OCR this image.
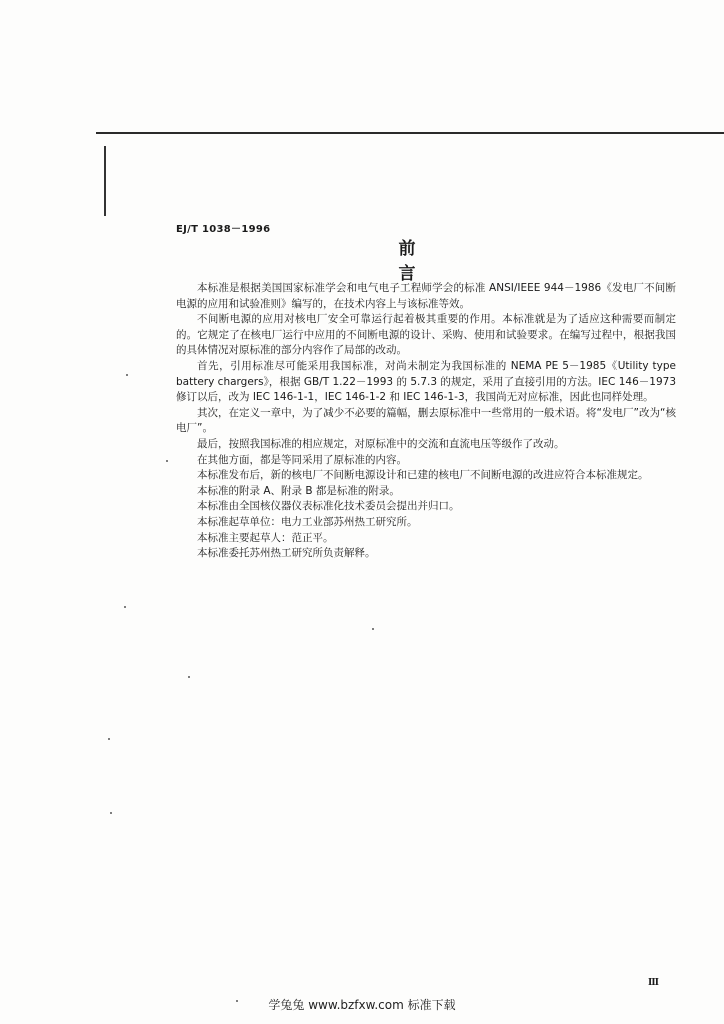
EJ/T 1038－1996
前 言

本标准是根据美国国家标准学会和电气电子工程师学会的标准 ANSI/IEEE 944－1986《发电厂不间断电源的应用和试验准则》编写的，在技术内容上与该标准等效。

不间断电源的应用对核电厂安全可靠运行起着极其重要的作用。本标准就是为了适应这种需要而制定的。它规定了在核电厂运行中应用的不间断电源的设计、采购、使用和试验要求。在编写过程中，根据我国的具体情况对原标准的部分内容作了局部的改动。

首先，引用标准尽可能采用我国标准，对尚未制定为我国标准的 NEMA PE 5－1985《Utility type battery chargers》，根据 GB/T 1.22－1993 的 5.7.3 的规定，采用了直接引用的方法。IEC 146－1973 修订以后，改为 IEC 146-1-1，IEC 146-1-2 和 IEC 146-1-3，我国尚无对应标准，因此也同样处理。

其次，在定义一章中，为了减少不必要的篇幅，删去原标准中一些常用的一般术语。将“发电厂”改为“核电厂”。

最后，按照我国标准的相应规定，对原标准中的交流和直流电压等级作了改动。

在其他方面，都是等同采用了原标准的内容。

本标准发布后，新的核电厂不间断电源设计和已建的核电厂不间断电源的改进应符合本标准规定。

本标准的附录 A、附录 B 都是标准的附录。

本标准由全国核仪器仪表标准化技术委员会提出并归口。

本标准起草单位：电力工业部苏州热工研究所。

本标准主要起草人：范正平。

本标准委托苏州热工研究所负责解释。

Ⅲ
学兔兔 www.bzfxw.com 标准下载
